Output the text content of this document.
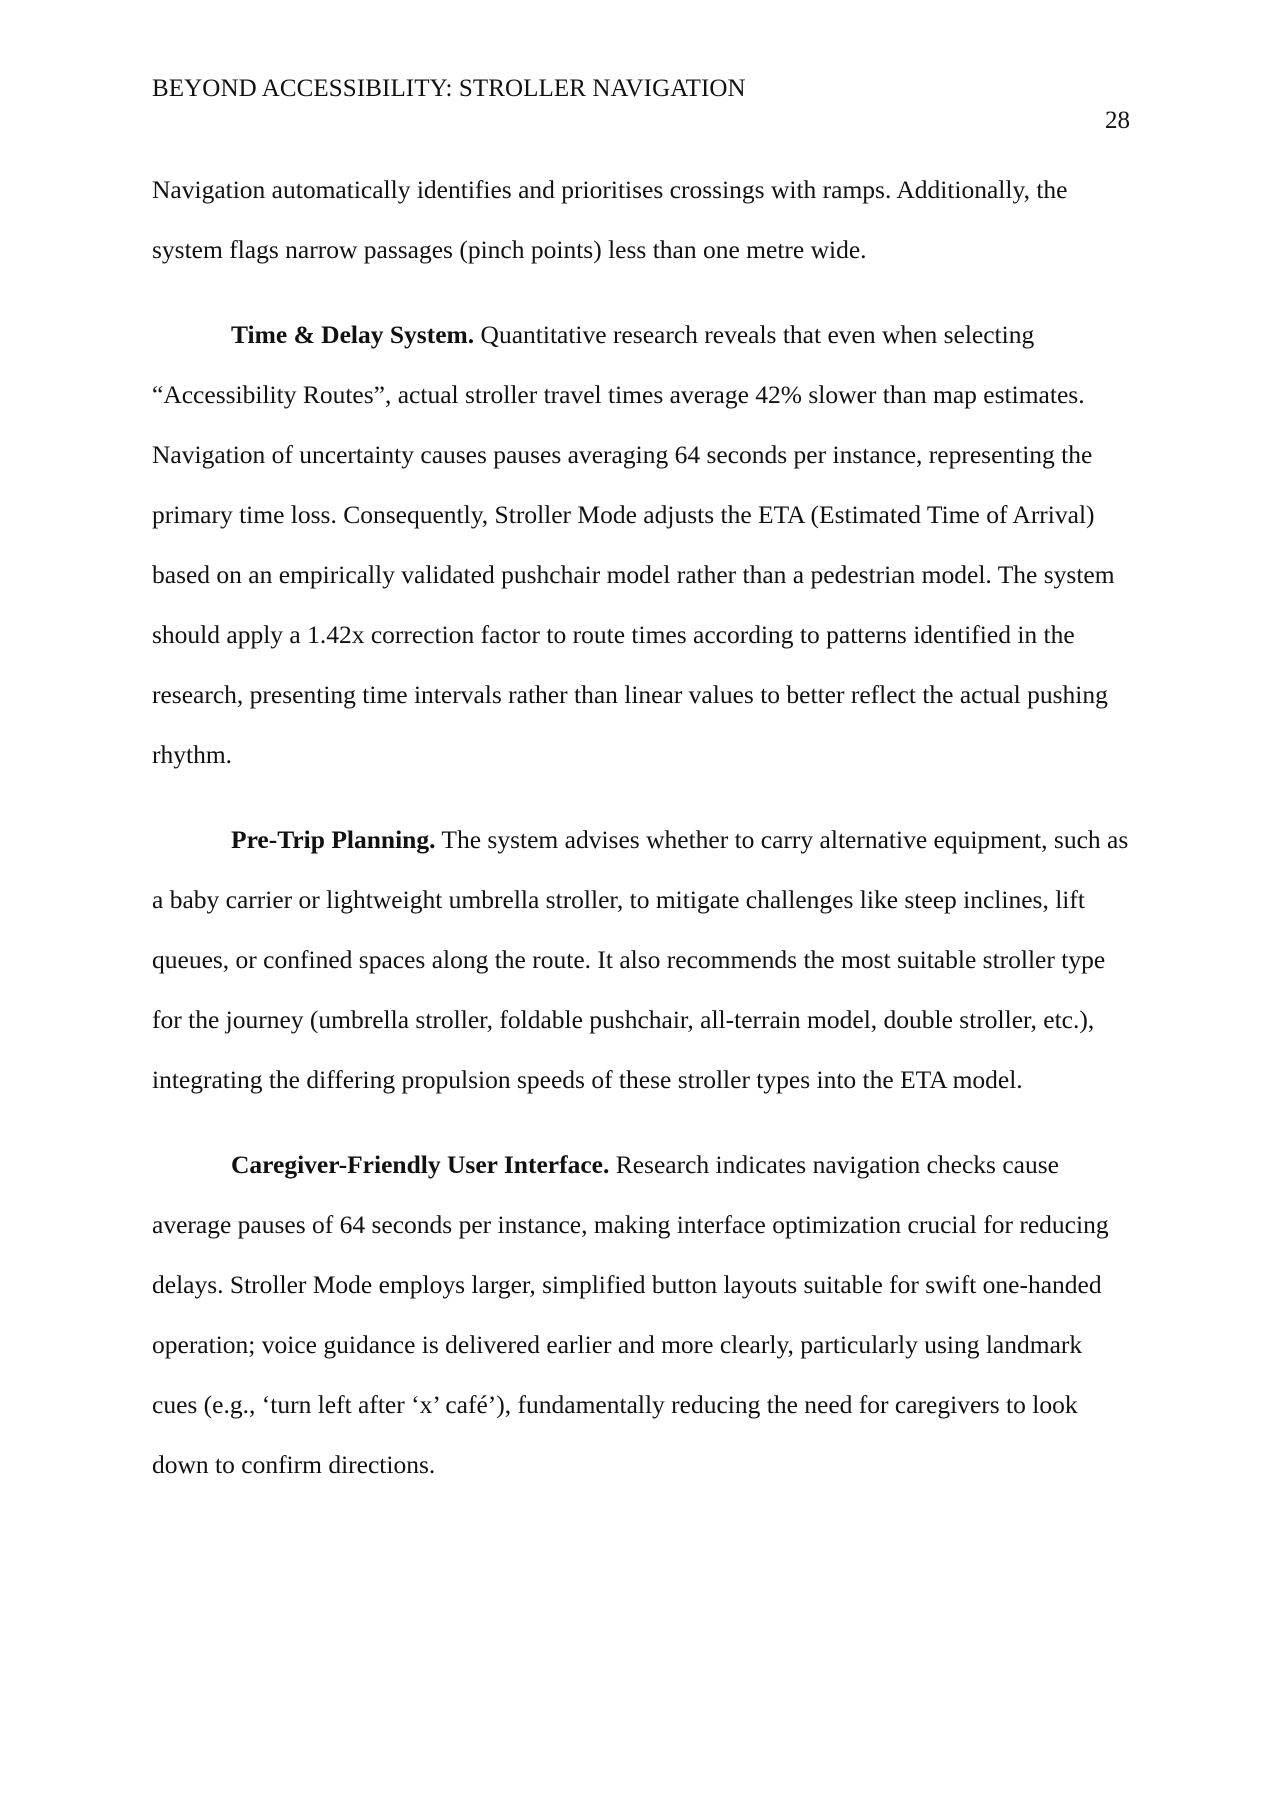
BEYOND ACCESSIBILITY: STROLLER NAVIGATION
28

Navigation automatically identifies and prioritises crossings with ramps. Additionally, the system flags narrow passages (pinch points) less than one metre wide.

Time & Delay System. Quantitative research reveals that even when selecting “Accessibility Routes”, actual stroller travel times average 42% slower than map estimates. Navigation of uncertainty causes pauses averaging 64 seconds per instance, representing the primary time loss. Consequently, Stroller Mode adjusts the ETA (Estimated Time of Arrival) based on an empirically validated pushchair model rather than a pedestrian model. The system should apply a 1.42x correction factor to route times according to patterns identified in the research, presenting time intervals rather than linear values to better reflect the actual pushing rhythm.

Pre-Trip Planning. The system advises whether to carry alternative equipment, such as a baby carrier or lightweight umbrella stroller, to mitigate challenges like steep inclines, lift queues, or confined spaces along the route. It also recommends the most suitable stroller type for the journey (umbrella stroller, foldable pushchair, all-terrain model, double stroller, etc.), integrating the differing propulsion speeds of these stroller types into the ETA model.

Caregiver-Friendly User Interface. Research indicates navigation checks cause average pauses of 64 seconds per instance, making interface optimization crucial for reducing delays. Stroller Mode employs larger, simplified button layouts suitable for swift one-handed operation; voice guidance is delivered earlier and more clearly, particularly using landmark cues (e.g., ‘turn left after ‘x’ café’), fundamentally reducing the need for caregivers to look down to confirm directions.
